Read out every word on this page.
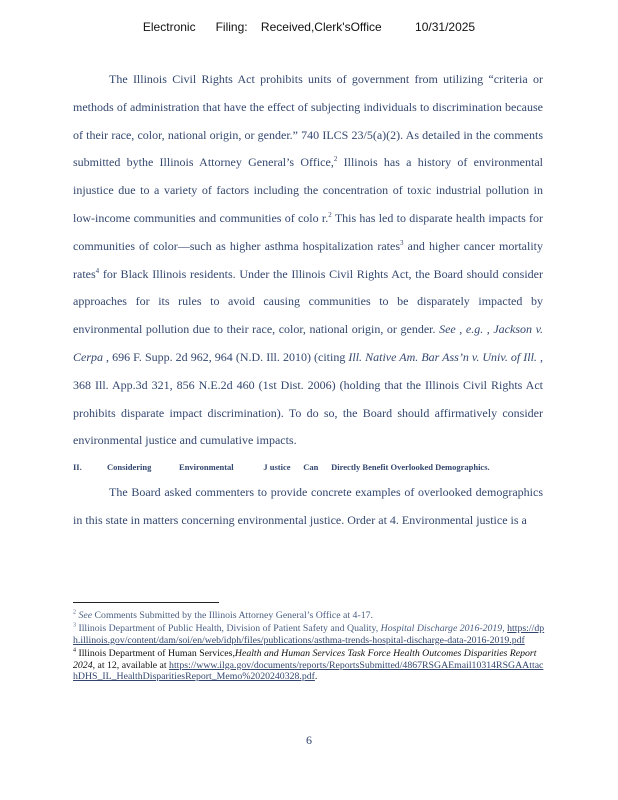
Electronic      Filing:    Received,Clerk'sOffice          10/31/2025

The Illinois Civil Rights Act prohibits units of government from utilizing “criteria or methods of administration that have the effect of subjecting individuals to discrimination because of their race, color, national origin, or gender.” 740 ILCS 23/5(a)(2). As detailed in the comments submitted bythe Illinois Attorney General’s Office,$^2$ Illinois has a history of environmental injustice due to a variety of factors including the concentration of toxic industrial pollution in low-income communities and communities of colo r.$^2$ This has led to disparate health impacts for communities of color—such as higher asthma hospitalization rates$^3$ and higher cancer mortality rates$^4$ for Black Illinois residents. Under the Illinois Civil Rights Act, the Board should consider approaches for its rules to avoid causing communities to be disparately impacted by environmental pollution due to their race, color, national origin, or gender. See , e.g. , Jackson v. Cerpa , 696 F. Supp. 2d 962, 964 (N.D. Ill. 2010) (citing Ill. Native Am. Bar Ass’n v. Univ. of Ill. , 368 Ill. App.3d 321, 856 N.E.2d 460 (1st Dist. 2006) (holding that the Illinois Civil Rights Act prohibits disparate impact discrimination). To do so, the Board should affirmatively consider environmental justice and cumulative impacts.

II.	Considering             Environmental              J ustice      Can      Directly Benefit Overlooked Demographics.

The Board asked commenters to provide concrete examples of overlooked demographics in this state in matters concerning environmental justice. Order at 4. Environmental justice is a

$^2$ See Comments Submitted by the Illinois Attorney General’s Office at 4-17.

$^3$ Illinois Department of Public Health, Division of Patient Safety and Quality, Hospital Discharge 2016-2019, https://dph.illinois.gov/content/dam/soi/en/web/idph/files/publications/asthma-trends-hospital-discharge-data-2016-2019.pdf

$^4$ Illinois Department of Human Services,Health and Human Services Task Force Health Outcomes Disparities Report 2024, at 12, available at https://www.ilga.gov/documents/reports/ReportsSubmitted/4867RSGAEmail10314RSGAAttachDHS_IL_HealthDisparitiesReport_Memo%2020240328.pdf.

6
